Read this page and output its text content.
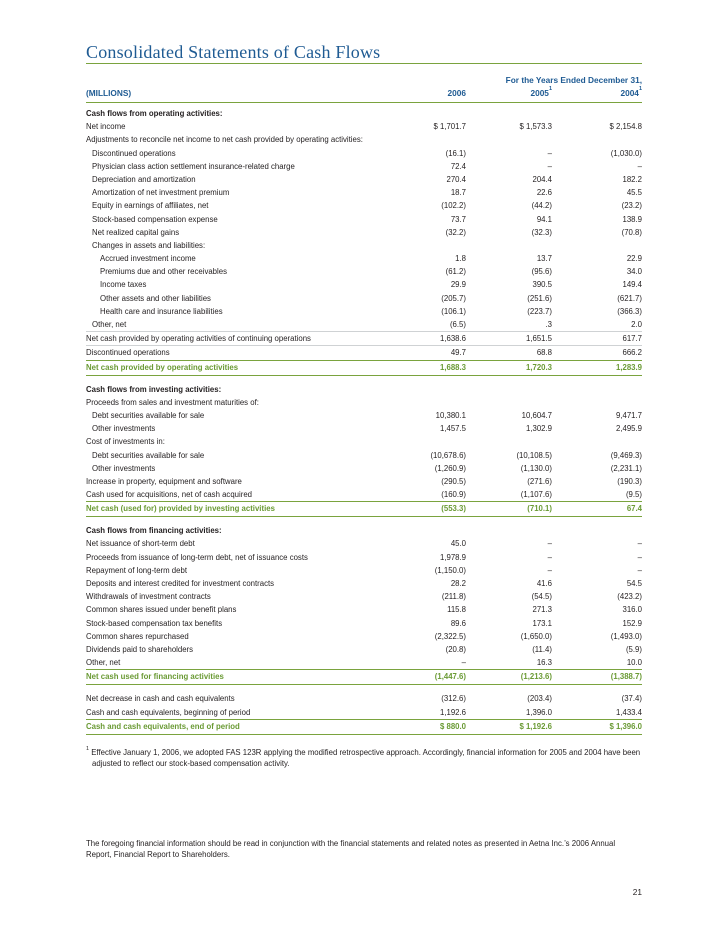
Consolidated Statements of Cash Flows
For the Years Ended December 31,
(MILLIONS)	2006	2005$^1$	2004$^1$
Cash flows from operating activities:
Net income	$ 1,701.7	$ 1,573.3	$ 2,154.8
Adjustments to reconcile net income to net cash provided by operating activities:
Discontinued operations	(16.1)	–	(1,030.0)
Physician class action settlement insurance-related charge	72.4	–	–
Depreciation and amortization	270.4	204.4	182.2
Amortization of net investment premium	18.7	22.6	45.5
Equity in earnings of affiliates, net	(102.2)	(44.2)	(23.2)
Stock-based compensation expense	73.7	94.1	138.9
Net realized capital gains	(32.2)	(32.3)	(70.8)
Changes in assets and liabilities:
Accrued investment income	1.8	13.7	22.9
Premiums due and other receivables	(61.2)	(95.6)	34.0
Income taxes	29.9	390.5	149.4
Other assets and other liabilities	(205.7)	(251.6)	(621.7)
Health care and insurance liabilities	(106.1)	(223.7)	(366.3)
Other, net	(6.5)	.3	2.0
Net cash provided by operating activities of continuing operations	1,638.6	1,651.5	617.7
Discontinued operations	49.7	68.8	666.2
Net cash provided by operating activities	1,688.3	1,720.3	1,283.9
Cash flows from investing activities:
Proceeds from sales and investment maturities of:
Debt securities available for sale	10,380.1	10,604.7	9,471.7
Other investments	1,457.5	1,302.9	2,495.9
Cost of investments in:
Debt securities available for sale	(10,678.6)	(10,108.5)	(9,469.3)
Other investments	(1,260.9)	(1,130.0)	(2,231.1)
Increase in property, equipment and software	(290.5)	(271.6)	(190.3)
Cash used for acquisitions, net of cash acquired	(160.9)	(1,107.6)	(9.5)
Net cash (used for) provided by investing activities	(553.3)	(710.1)	67.4
Cash flows from financing activities:
Net issuance of short-term debt	45.0	–	–
Proceeds from issuance of long-term debt, net of issuance costs	1,978.9	–	–
Repayment of long-term debt	(1,150.0)	–	–
Deposits and interest credited for investment contracts	28.2	41.6	54.5
Withdrawals of investment contracts	(211.8)	(54.5)	(423.2)
Common shares issued under benefit plans	115.8	271.3	316.0
Stock-based compensation tax benefits	89.6	173.1	152.9
Common shares repurchased	(2,322.5)	(1,650.0)	(1,493.0)
Dividends paid to shareholders	(20.8)	(11.4)	(5.9)
Other, net	–	16.3	10.0
Net cash used for financing activities	(1,447.6)	(1,213.6)	(1,388.7)
Net decrease in cash and cash equivalents	(312.6)	(203.4)	(37.4)
Cash and cash equivalents, beginning of period	1,192.6	1,396.0	1,433.4
Cash and cash equivalents, end of period	$ 880.0	$ 1,192.6	$ 1,396.0
$^1$ Effective January 1, 2006, we adopted FAS 123R applying the modified retrospective approach. Accordingly, financial information for 2005 and 2004 have been adjusted to reflect our stock-based compensation activity.
The foregoing financial information should be read in conjunction with the financial statements and related notes as presented in Aetna Inc.’s 2006 Annual Report, Financial Report to Shareholders.
21
